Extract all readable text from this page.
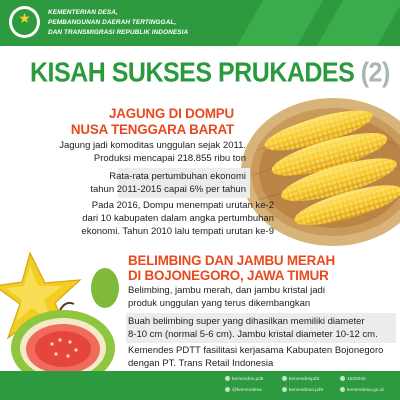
★	KEMENTERIAN DESA,
PEMBANGUNAN DAERAH TERTINGGAL,
DAN TRANSMIGRASI REPUBLIK INDONESIA
KISAH SUKSES PRUKADES (2)
JAGUNG DI DOMPU
NUSA TENGGARA BARAT
Jagung jadi komoditas unggulan sejak 2011.
Produksi mencapai 218.855 ribu ton
Rata-rata pertumbuhan ekonomi
tahun 2011-2015 capai 6% per tahun
Pada 2016, Dompu menempati urutan ke-2
dari 10 kabupaten dalam angka pertumbuhan
ekonomi. Tahun 2010 lalu tempati urutan ke-9
BELIMBING DAN JAMBU MERAH
DI BOJONEGORO, JAWA TIMUR
Belimbing, jambu merah, dan jambu kristal jadi
produk unggulan yang terus dikembangkan
Buah belimbing super yang dihasilkan memiliki diameter
8-10 cm (normal 5-6 cm). Jambu kristal diameter 10-12 cm.
Kemendes PDTT fasilitasi kerjasama Kabupaten Bojonegoro
dengan PT. Trans Retail Indonesia
kemendes.pdtt	kemendespdtt	1500040
@kemendesa	kemendesa.pdtt	kemendesa.go.id
